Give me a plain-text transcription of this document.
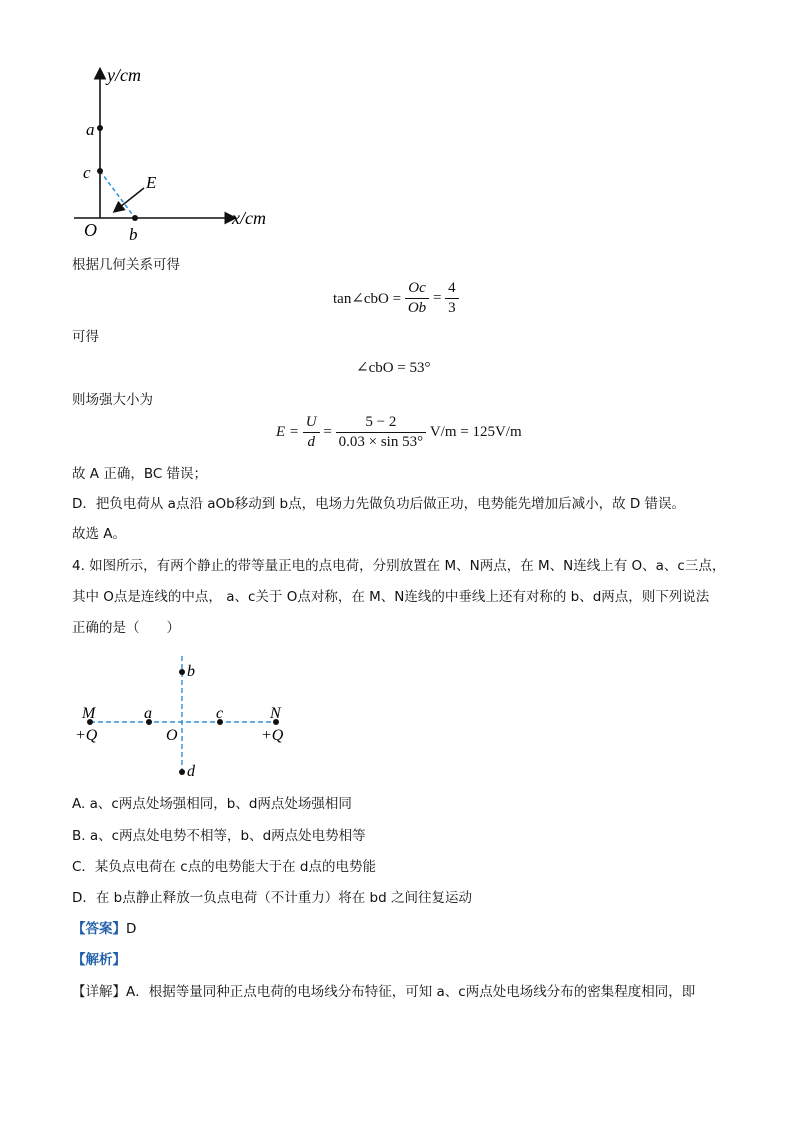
y/cm
x/cm
a
c
E
O b
根据几何关系可得
tan∠cbO = $\frac{Oc}{Ob} = \frac{4}{3}$
可得
∠cbO = 53°
则场强大小为
$E = \frac{U}{d} = \frac{5 - 2}{0.03 \times \sin 53^\circ} V/m = 125V/m$
故 A 正确，BC 错误；
D．把负电荷从 a点沿 aOb移动到 b点，电场力先做负功后做正功，电势能先增加后减小，故 D 错误。
故选 A。
4. 如图所示，有两个静止的带等量正电的点电荷，分别放置在 M、N两点，在 M、N连线上有 O、a、c三点，
其中 O点是连线的中点， a、c关于 O点对称，在 M、N连线的中垂线上还有对称的 b、d两点，则下列说法
正确的是（　　）
M	N
a	c
O
b
d
+Q	+Q
A. a、c两点处场强相同，b、d两点处场强相同
B. a、c两点处电势不相等，b、d两点处电势相等
C．某负点电荷在 c点的电势能大于在 d点的电势能
D．在 b点静止释放一负点电荷（不计重力）将在 bd 之间往复运动
【答案】D
【解析】
【详解】A．根据等量同种正点电荷的电场线分布特征，可知 a、c两点处电场线分布的密集程度相同，即
